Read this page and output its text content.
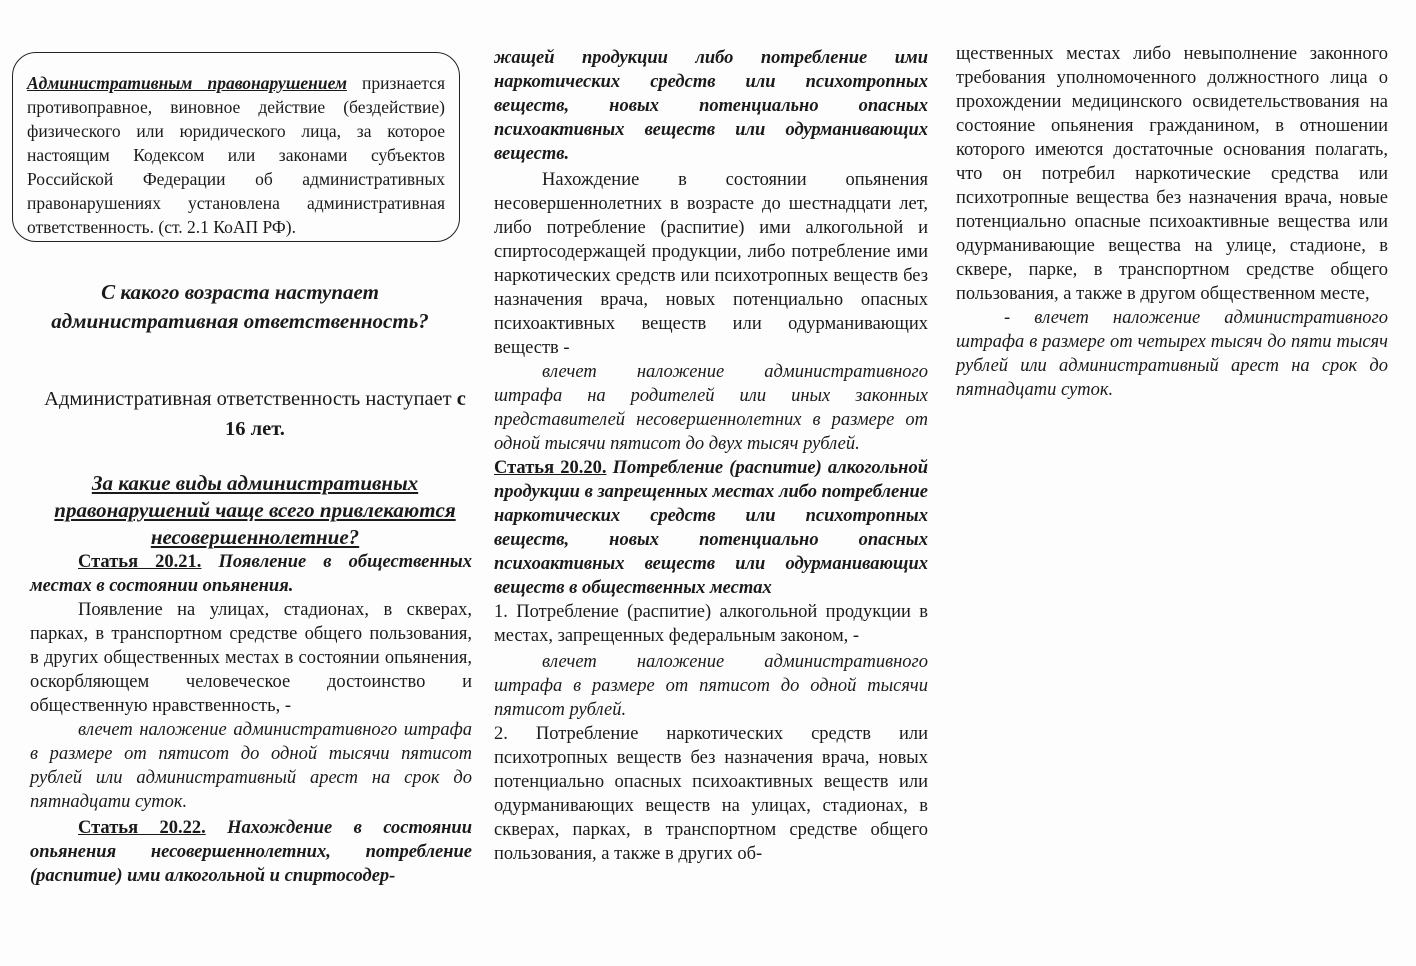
Административным правонарушением признается противоправное, виновное действие (бездействие) физического или юридического лица, за которое настоящим Кодексом или законами субъектов Российской Федерации об административных правонарушениях установлена административная ответственность. (ст. 2.1 КоАП РФ).
С какого возраста наступает административная ответственность?
Административная ответственность наступает с 16 лет.
За какие виды административных правонарушений чаще всего привлекаются несовершеннолетние?

Статья 20.21. Появление в общественных местах в состоянии опьянения.

Появление на улицах, стадионах, в скверах, парках, в транспортном средстве общего пользования, в других общественных местах в состоянии опьянения, оскорбляющем человеческое достоинство и общественную нравственность, -

влечет наложение административного штрафа в размере от пятисот до одной тысячи пятисот рублей или административный арест на срок до пятнадцати суток.

Статья 20.22. Нахождение в состоянии опьянения несовершеннолетних, потребление (распитие) ими алкогольной и спиртосодер-

жащей продукции либо потребление ими наркотических средств или психотропных веществ, новых потенциально опасных психоактивных веществ или одурманивающих веществ.

Нахождение в состоянии опьянения несовершеннолетних в возрасте до шестнадцати лет, либо потребление (распитие) ими алкогольной и спиртосодержащей продукции, либо потребление ими наркотических средств или психотропных веществ без назначения врача, новых потенциально опасных психоактивных веществ или одурманивающих веществ -

влечет наложение административного штрафа на родителей или иных законных представителей несовершеннолетних в размере от одной тысячи пятисот до двух тысяч рублей.

Статья 20.20. Потребление (распитие) алкогольной продукции в запрещенных местах либо потребление наркотических средств или психотропных веществ, новых потенциально опасных психоактивных веществ или одурманивающих веществ в общественных местах

1. Потребление (распитие) алкогольной продукции в местах, запрещенных федеральным законом, -

влечет наложение административного штрафа в размере от пятисот до одной тысячи пятисот рублей.

2. Потребление наркотических средств или психотропных веществ без назначения врача, новых потенциально опасных психоактивных веществ или одурманивающих веществ на улицах, стадионах, в скверах, парках, в транспортном средстве общего пользования, а также в других об-

щественных местах либо невыполнение законного требования уполномоченного должностного лица о прохождении медицинского освидетельствования на состояние опьянения гражданином, в отношении которого имеются достаточные основания полагать, что он потребил наркотические средства или психотропные вещества без назначения врача, новые потенциально опасные психоактивные вещества или одурманивающие вещества на улице, стадионе, в сквере, парке, в транспортном средстве общего пользования, а также в другом общественном месте,

- влечет наложение административного штрафа в размере от четырех тысяч до пяти тысяч рублей или административный арест на срок до пятнадцати суток.
